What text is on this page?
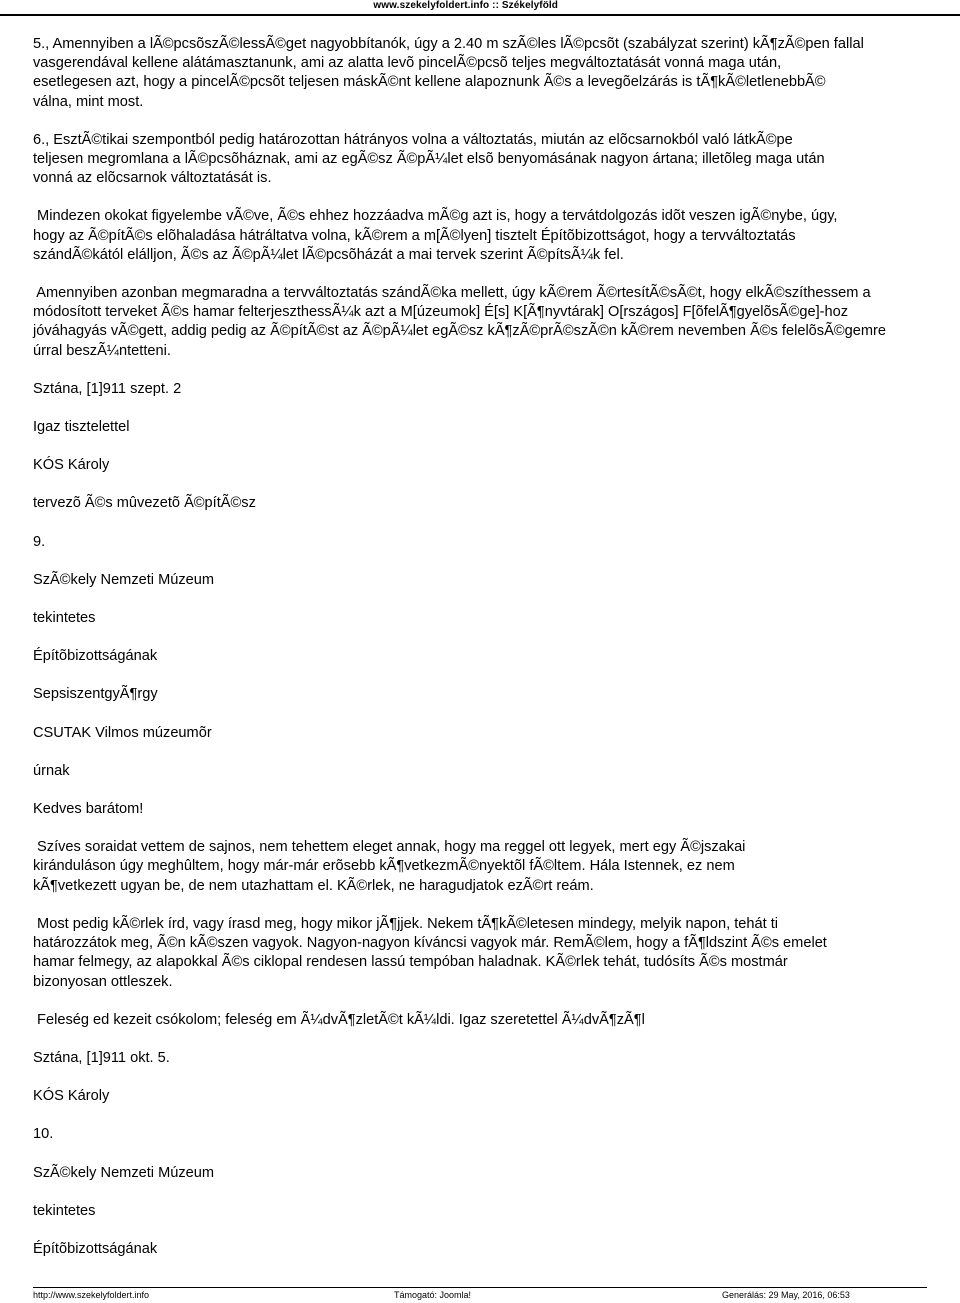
www.szekelyfoldert.info :: Székelyföld

5., Amennyiben a lÃ©pcsõszÃ©lessÃ©get nagyobbítanók, úgy a 2.40 m szÃ©les lÃ©pcsõt (szabályzat szerint) kÃ¶zÃ©pen fallal

vasgerendával kellene alátámasztanunk, ami az alatta levõ pincelÃ©pcsõ teljes megváltoztatását vonná maga után,

esetlegesen azt, hogy a pincelÃ©pcsõt teljesen máskÃ©nt kellene alapoznunk Ã©s a levegõelzárás is tÃ¶kÃ©letlenebbÃ©

válna, mint most.

6., EsztÃ©tikai szempontból pedig határozottan hátrányos volna a változtatás, miután az elõcsarnokból való látkÃ©pe

teljesen megromlana a lÃ©pcsõháznak, ami az egÃ©sz Ã©pÃ¼let elsõ benyomásának nagyon ártana; illetõleg maga után

vonná az elõcsarnok változtatását is.

Mindezen okokat figyelembe vÃ©ve, Ã©s ehhez hozzáadva mÃ©g azt is, hogy a tervátdolgozás idõt veszen igÃ©nybe, úgy,

hogy az Ã©pítÃ©s elõhaladása hátráltatva volna, kÃ©rem a m[Ã©lyen] tisztelt Építõbizottságot, hogy a tervváltoztatás

szándÃ©kától elálljon, Ã©s az Ã©pÃ¼let lÃ©pcsõházát a mai tervek szerint Ã©pítsÃ¼k fel.

Amennyiben azonban megmaradna a tervváltoztatás szándÃ©ka mellett, úgy kÃ©rem Ã©rtesítÃ©sÃ©t, hogy elkÃ©szíthessem a

módosított terveket Ã©s hamar felterjeszthessÃ¼k azt a M[úzeumok] É[s] K[Ã¶nyvtárak] O[rszágos] F[õfelÃ¶gyelõsÃ©ge]-hoz

jóváhagyás vÃ©gett, addig pedig az Ã©pítÃ©st az Ã©pÃ¼let egÃ©sz kÃ¶zÃ©prÃ©szÃ©n kÃ©rem nevemben Ã©s felelõsÃ©gemre

úrral beszÃ¼ntetteni.

Sztána, [1]911 szept. 2

Igaz tisztelettel

KÓS Károly

tervezõ Ã©s mûvezetõ Ã©pítÃ©sz

9.

SzÃ©kely Nemzeti Múzeum

tekintetes

Építõbizottságának

SepsiszentgyÃ¶rgy

CSUTAK Vilmos múzeumõr

úrnak

Kedves barátom!

Szíves soraidat vettem de sajnos, nem tehettem eleget annak, hogy ma reggel ott legyek, mert egy Ã©jszakai

kiránduláson úgy meghûltem, hogy már-már erõsebb kÃ¶vetkezmÃ©nyektõl fÃ©ltem. Hála Istennek, ez nem

kÃ¶vetkezett ugyan be, de nem utazhattam el. KÃ©rlek, ne haragudjatok ezÃ©rt reám.

Most pedig kÃ©rlek írd, vagy írasd meg, hogy mikor jÃ¶jjek. Nekem tÃ¶kÃ©letesen mindegy, melyik napon, tehát ti

határozzátok meg, Ã©n kÃ©szen vagyok. Nagyon-nagyon kíváncsi vagyok már. RemÃ©lem, hogy a fÃ¶ldszint Ã©s emelet

hamar felmegy, az alapokkal Ã©s ciklopal rendesen lassú tempóban haladnak. KÃ©rlek tehát, tudósíts Ã©s mostmár

bizonyosan ottleszek.

Feleség ed kezeit csókolom; feleség em Ã¼dvÃ¶zletÃ©t kÃ¼ldi. Igaz szeretettel Ã¼dvÃ¶zÃ¶l

Sztána, [1]911 okt. 5.

KÓS Károly

10.

SzÃ©kely Nemzeti Múzeum

tekintetes

Építõbizottságának

http://www.szekelyfoldert.info	Támogató: Joomla!	Generálás: 29 May, 2016, 06:53
